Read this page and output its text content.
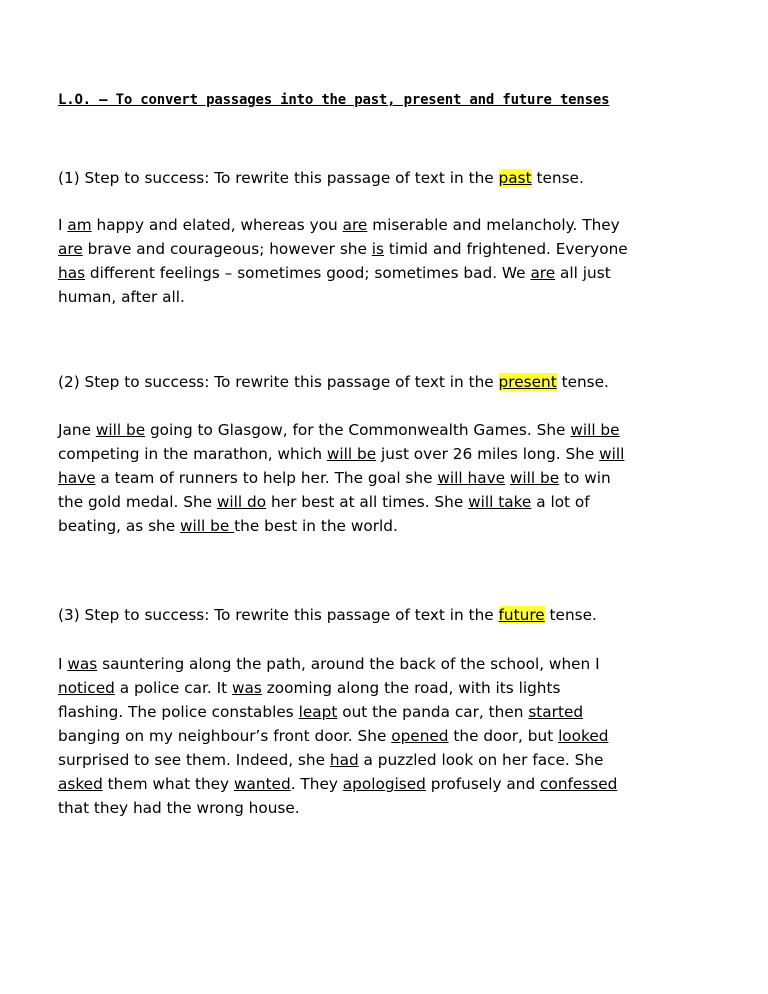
L.O. – To convert passages into the past, present and future tenses
(1) Step to success: To rewrite this passage of text in the past tense.
I am happy and elated, whereas you are miserable and melancholy. They
are brave and courageous; however she is timid and frightened. Everyone
has different feelings – sometimes good; sometimes bad. We are all just
human, after all.
(2) Step to success: To rewrite this passage of text in the present tense.
Jane will be going to Glasgow, for the Commonwealth Games. She will be
competing in the marathon, which will be just over 26 miles long. She will
have a team of runners to help her. The goal she will have will be to win
the gold medal. She will do her best at all times. She will take a lot of
beating, as she will be the best in the world.
(3) Step to success: To rewrite this passage of text in the future tense.
I was sauntering along the path, around the back of the school, when I
noticed a police car. It was zooming along the road, with its lights
flashing. The police constables leapt out the panda car, then started
banging on my neighbour’s front door. She opened the door, but looked
surprised to see them. Indeed, she had a puzzled look on her face. She
asked them what they wanted. They apologised profusely and confessed
that they had the wrong house.
